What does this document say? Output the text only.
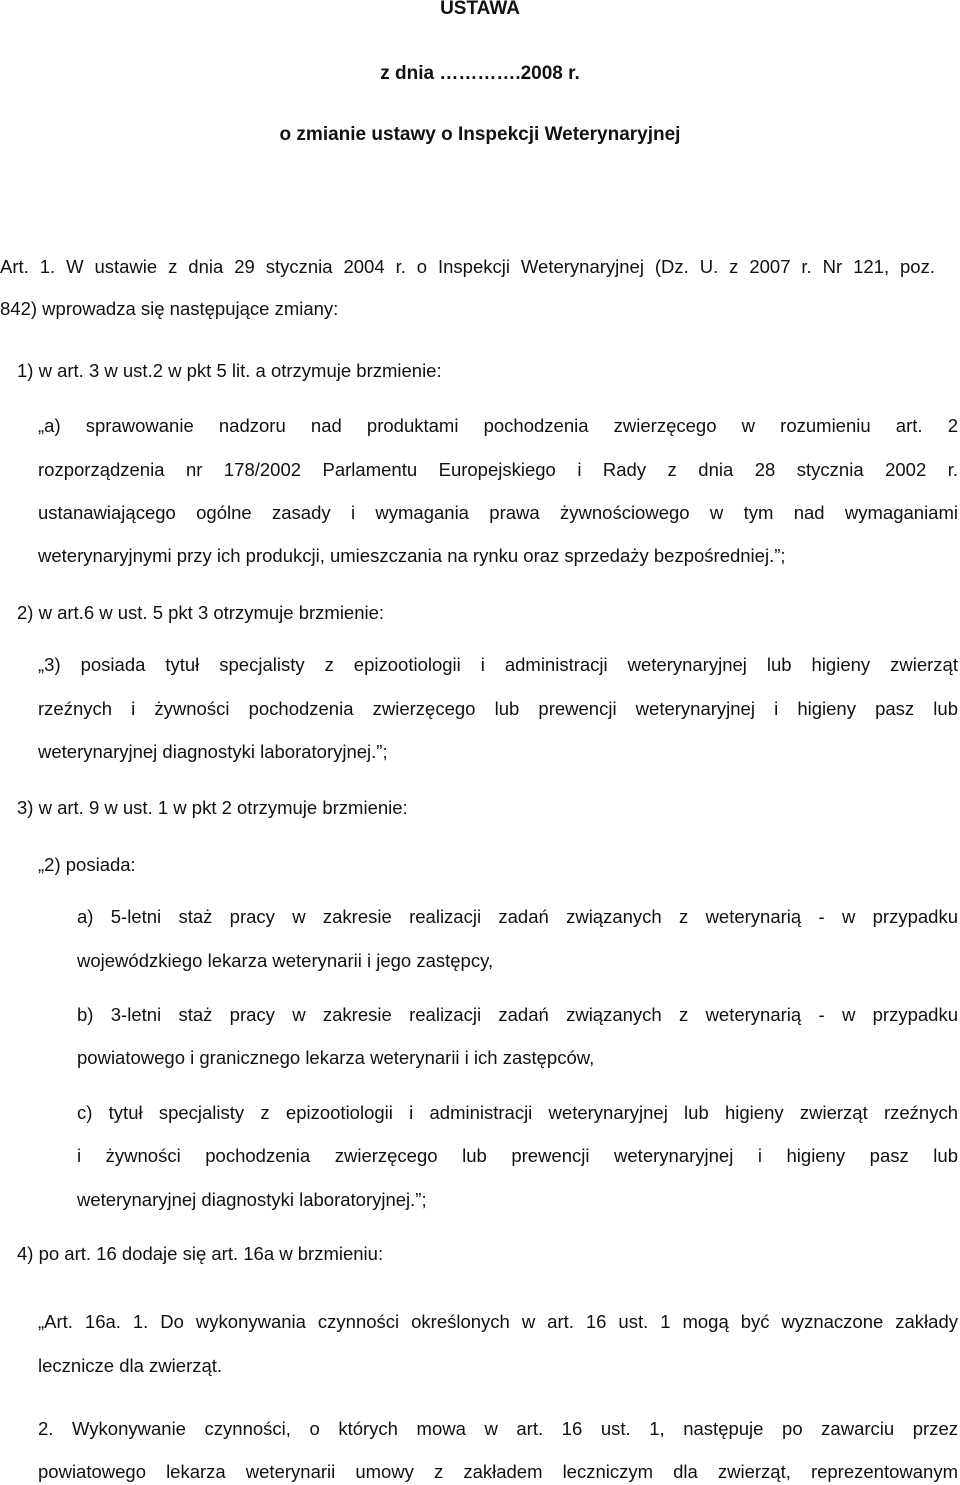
USTAWA

z dnia ………….2008 r.

o zmianie ustawy o Inspekcji Weterynaryjnej

Art. 1. W ustawie z dnia 29 stycznia 2004 r. o Inspekcji Weterynaryjnej (Dz. U. z 2007 r. Nr 121, poz.

842) wprowadza się następujące zmiany:

1) w art. 3 w ust.2 w pkt 5 lit. a otrzymuje brzmienie:

„a) sprawowanie nadzoru nad produktami pochodzenia zwierzęcego w rozumieniu art. 2

rozporządzenia nr 178/2002 Parlamentu Europejskiego i Rady z dnia 28 stycznia 2002 r.

ustanawiającego ogólne zasady i wymagania prawa żywnościowego w tym nad wymaganiami

weterynaryjnymi przy ich produkcji, umieszczania na rynku oraz sprzedaży bezpośredniej.”;

2) w art.6 w ust. 5 pkt 3 otrzymuje brzmienie:

„3) posiada tytuł specjalisty z epizootiologii i administracji weterynaryjnej lub higieny zwierząt

rzeźnych i żywności pochodzenia zwierzęcego lub prewencji weterynaryjnej i higieny pasz lub

weterynaryjnej diagnostyki laboratoryjnej.”;

3) w art. 9 w ust. 1 w pkt 2 otrzymuje brzmienie:

„2) posiada:

a) 5-letni staż pracy w zakresie realizacji zadań związanych z weterynarią - w przypadku

wojewódzkiego lekarza weterynarii i jego zastępcy,

b) 3-letni staż pracy w zakresie realizacji zadań związanych z weterynarią - w przypadku

powiatowego i granicznego lekarza weterynarii i ich zastępców,

c) tytuł specjalisty z epizootiologii i administracji weterynaryjnej lub higieny zwierząt rzeźnych

i żywności pochodzenia zwierzęcego lub prewencji weterynaryjnej i higieny pasz lub

weterynaryjnej diagnostyki laboratoryjnej.”;

4) po art. 16 dodaje się art. 16a w brzmieniu:

„Art. 16a. 1. Do wykonywania czynności określonych w art. 16 ust. 1 mogą być wyznaczone zakłady

lecznicze dla zwierząt.

2. Wykonywanie czynności, o których mowa w art. 16 ust. 1, następuje po zawarciu przez

powiatowego lekarza weterynarii umowy z zakładem leczniczym dla zwierząt, reprezentowanym
